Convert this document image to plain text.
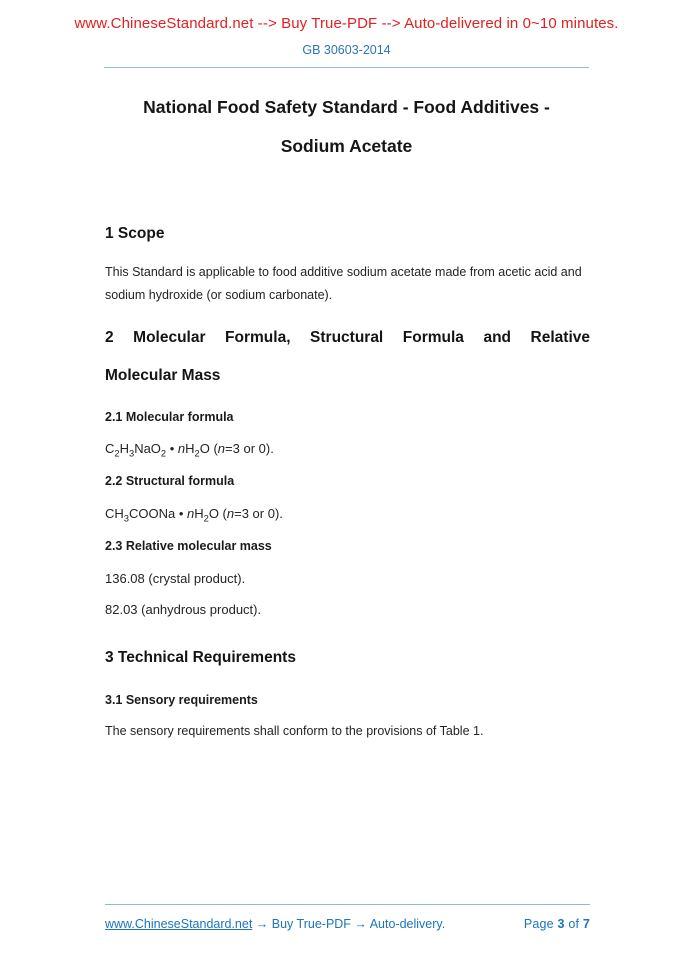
www.ChineseStandard.net --> Buy True-PDF --> Auto-delivered in 0~10 minutes.
GB 30603-2014
National Food Safety Standard - Food Additives -
Sodium Acetate
1 Scope
This Standard is applicable to food additive sodium acetate made from acetic acid and sodium hydroxide (or sodium carbonate).
2 Molecular Formula, Structural Formula and Relative
Molecular Mass
2.1 Molecular formula
$C_2H_3NaO_2$ • $nH_2O$ (n=3 or 0).
2.2 Structural formula
$CH_3COONa$ • $nH_2O$ (n=3 or 0).
2.3 Relative molecular mass
136.08 (crystal product).
82.03 (anhydrous product).
3 Technical Requirements
3.1 Sensory requirements
The sensory requirements shall conform to the provisions of Table 1.
www.ChineseStandard.net → Buy True-PDF → Auto-delivery.	Page 3 of 7
